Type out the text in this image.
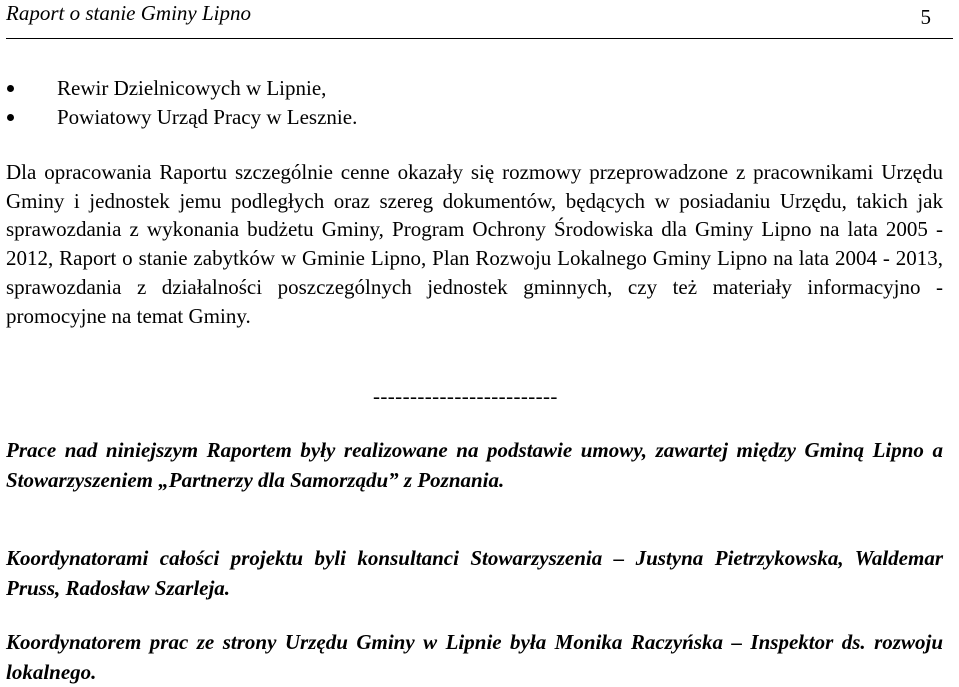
Raport o stanie Gminy Lipno	5
Rewir Dzielnicowych w Lipnie,
Powiatowy Urząd Pracy w Lesznie.

Dla opracowania Raportu szczególnie cenne okazały się rozmowy przeprowadzone z pracownikami Urzędu Gminy i jednostek jemu podległych oraz szereg dokumentów, będących w posiadaniu Urzędu, takich jak sprawozdania z wykonania budżetu Gminy, Program Ochrony Środowiska dla Gminy Lipno na lata 2005 - 2012, Raport o stanie zabytków w Gminie Lipno, Plan Rozwoju Lokalnego Gminy Lipno na lata 2004 - 2013, sprawozdania z działalności poszczególnych jednostek gminnych, czy też materiały informacyjno - promocyjne na temat Gminy.

-------------------------

Prace nad niniejszym Raportem były realizowane na podstawie umowy, zawartej między Gminą Lipno a Stowarzyszeniem „Partnerzy dla Samorządu” z Poznania.

Koordynatorami całości projektu byli konsultanci Stowarzyszenia – Justyna Pietrzykowska, Waldemar Pruss, Radosław Szarleja.

Koordynatorem prac ze strony Urzędu Gminy w Lipnie była Monika Raczyńska – Inspektor ds. rozwoju lokalnego.
